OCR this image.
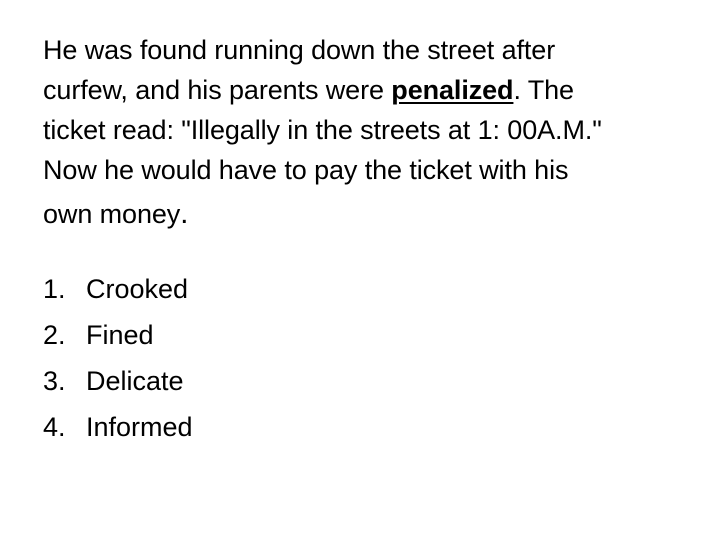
He was found running down the street after
curfew, and his parents were penalized. The
ticket read: "Illegally in the streets at 1: 00A.M."
Now he would have to pay the ticket with his
own money.

1. Crooked
2. Fined
3. Delicate
4. Informed
